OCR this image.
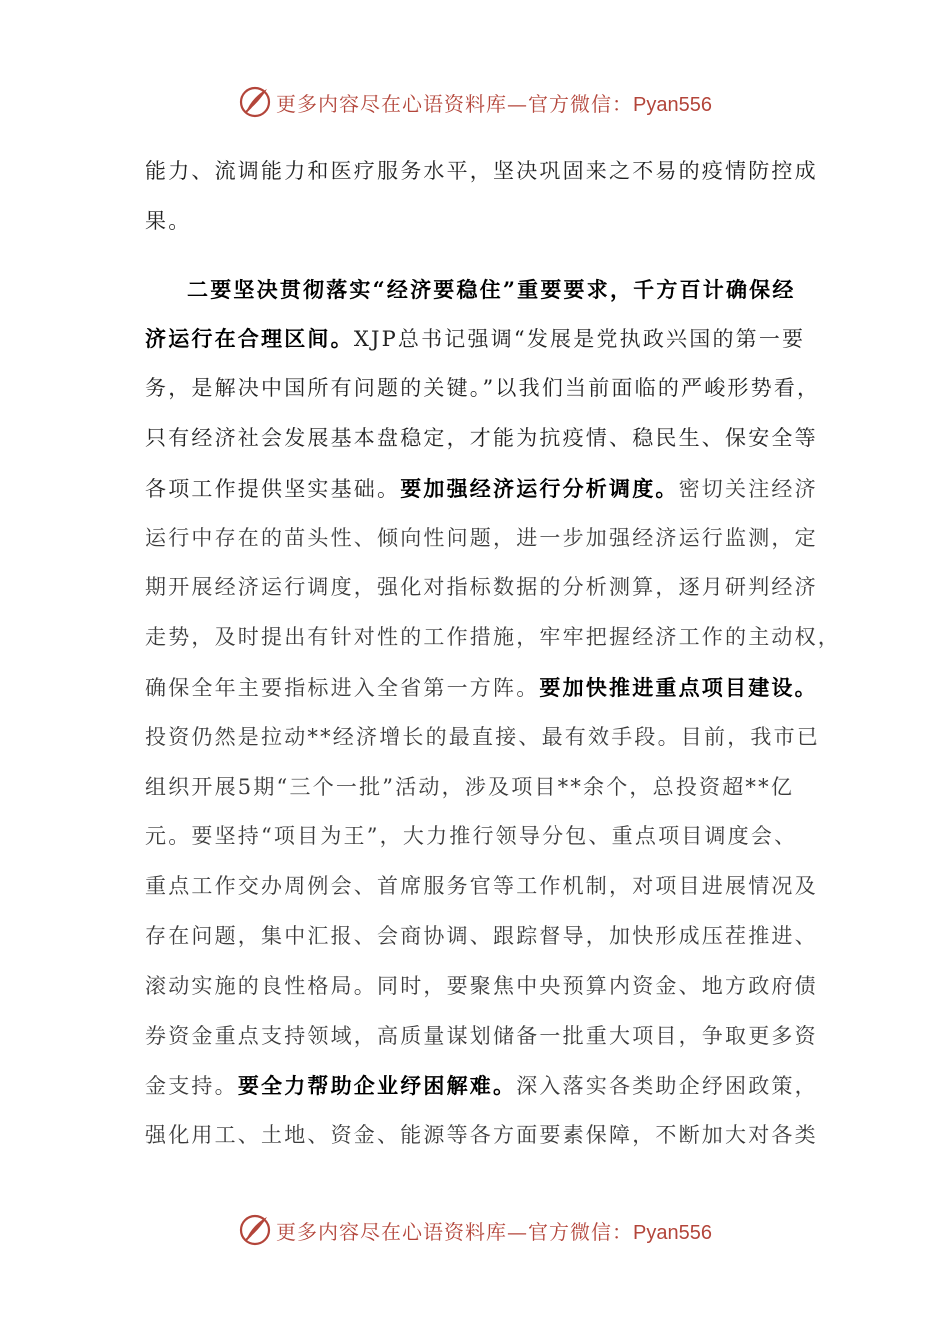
更多内容尽在心语资料库—官方微信：Pyan556
能力、流调能力和医疗服务水平，坚决巩固来之不易的疫情防控成
果。
二要坚决贯彻落实“经济要稳住”重要要求，千方百计确保经
济运行在合理区间。XJP总书记强调“发展是党执政兴国的第一要
务，是解决中国所有问题的关键。”以我们当前面临的严峻形势看，
只有经济社会发展基本盘稳定，才能为抗疫情、稳民生、保安全等
各项工作提供坚实基础。要加强经济运行分析调度。密切关注经济
运行中存在的苗头性、倾向性问题，进一步加强经济运行监测，定
期开展经济运行调度，强化对指标数据的分析测算，逐月研判经济
走势，及时提出有针对性的工作措施，牢牢把握经济工作的主动权，
确保全年主要指标进入全省第一方阵。要加快推进重点项目建设。
投资仍然是拉动**经济增长的最直接、最有效手段。目前，我市已
组织开展5期“三个一批”活动，涉及项目**余个，总投资超**亿
元。要坚持“项目为王”，大力推行领导分包、重点项目调度会、
重点工作交办周例会、首席服务官等工作机制，对项目进展情况及
存在问题，集中汇报、会商协调、跟踪督导，加快形成压茬推进、
滚动实施的良性格局。同时，要聚焦中央预算内资金、地方政府债
券资金重点支持领域，高质量谋划储备一批重大项目，争取更多资
金支持。要全力帮助企业纾困解难。深入落实各类助企纾困政策，
强化用工、土地、资金、能源等各方面要素保障，不断加大对各类
更多内容尽在心语资料库—官方微信：Pyan556
